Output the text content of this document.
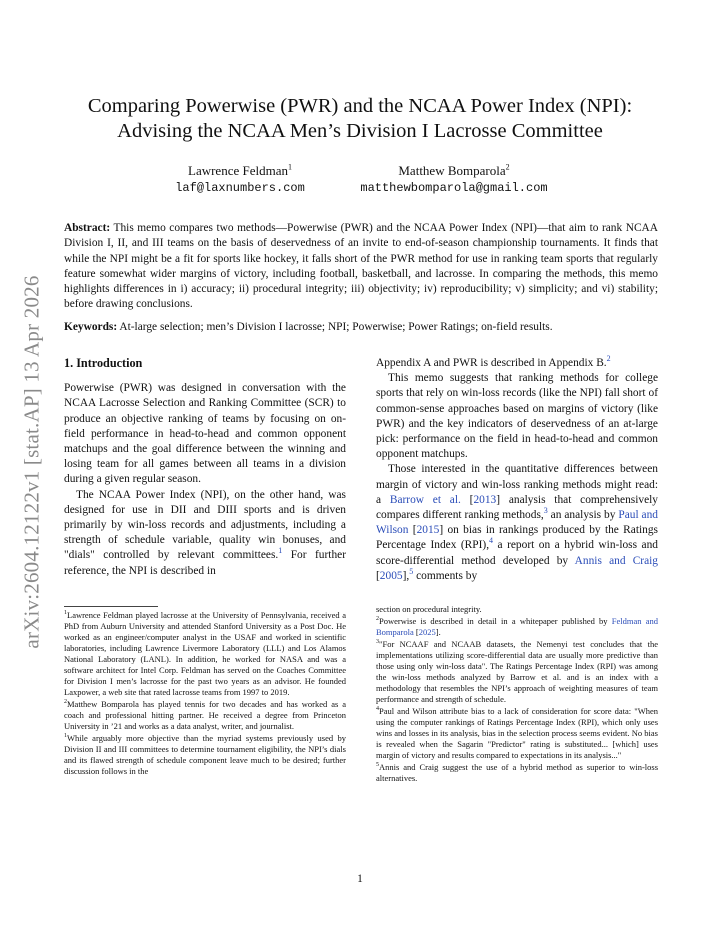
arXiv:2604.12122v1 [stat.AP] 13 Apr 2026
Comparing Powerwise (PWR) and the NCAA Power Index (NPI):
Advising the NCAA Men’s Division I Lacrosse Committee
Lawrence Feldman$^1$
laf@laxnumbers.com
Matthew Bomparola$^2$
matthewbomparola@gmail.com
Abstract: This memo compares two methods—Powerwise (PWR) and the NCAA Power Index (NPI)—that aim to rank NCAA Division I, II, and III teams on the basis of deservedness of an invite to end-of-season championship tournaments. It finds that while the NPI might be a fit for sports like hockey, it falls short of the PWR method for use in ranking team sports that regularly feature somewhat wider margins of victory, including football, basketball, and lacrosse. In comparing the methods, this memo highlights differences in i) accuracy; ii) procedural integrity; iii) objectivity; iv) reproducibility; v) simplicity; and vi) stability; before drawing conclusions.
Keywords: At-large selection; men’s Division I lacrosse; NPI; Powerwise; Power Ratings; on-field results.

1. Introduction

Powerwise (PWR) was designed in conversation with the NCAA Lacrosse Selection and Ranking Committee (SCR) to produce an objective ranking of teams by focusing on on-field performance in head-to-head and common opponent matchups and the goal difference between the winning and losing team for all games between all teams in a division during a given regular season.

The NCAA Power Index (NPI), on the other hand, was designed for use in DII and DIII sports and is driven primarily by win-loss records and adjustments, including a strength of schedule variable, quality win bonuses, and "dials" controlled by relevant committees.$^1$ For further reference, the NPI is described in

Appendix A and PWR is described in Appendix B.$^2$

This memo suggests that ranking methods for college sports that rely on win-loss records (like the NPI) fall short of common-sense approaches based on margins of victory (like PWR) and the key indicators of deservedness of an at-large pick: performance on the field in head-to-head and common opponent matchups.

Those interested in the quantitative differences between margin of victory and win-loss ranking methods might read: a Barrow et al. [2013] analysis that comprehensively compares different ranking methods,$^3$ an analysis by Paul and Wilson [2015] on bias in rankings produced by the Ratings Percentage Index (RPI),$^4$ a report on a hybrid win-loss and score-differential method developed by Annis and Craig [2005],$^5$ comments by

$^1$Lawrence Feldman played lacrosse at the University of Pennsylvania, received a PhD from Auburn University and attended Stanford University as a Post Doc. He worked as an engineer/computer analyst in the USAF and worked in scientific laboratories, including Lawrence Livermore Laboratory (LLL) and Los Alamos National Laboratory (LANL). In addition, he worked for NASA and was a software architect for Intel Corp. Feldman has served on the Coaches Committee for Division I men’s lacrosse for the past two years as an advisor. He founded Laxpower, a web site that rated lacrosse teams from 1997 to 2019.

$^2$Matthew Bomparola has played tennis for two decades and has worked as a coach and professional hitting partner. He received a degree from Princeton University in ’21 and works as a data analyst, writer, and journalist.

$^1$While arguably more objective than the myriad systems previously used by Division II and III committees to determine tournament eligibility, the NPI’s dials and its flawed strength of schedule component leave much to be desired; further discussion follows in the

section on procedural integrity.

$^2$Powerwise is described in detail in a whitepaper published by Feldman and Bomparola [2025].

$^3$"For NCAAF and NCAAB datasets, the Nemenyi test concludes that the implementations utilizing score-differential data are usually more predictive than those using only win-loss data". The Ratings Percentage Index (RPI) was among the win-loss methods analyzed by Barrow et al. and is an index with a methodology that resembles the NPI’s approach of weighting measures of team performance and strength of schedule.

$^4$Paul and Wilson attribute bias to a lack of consideration for score data: "When using the computer rankings of Ratings Percentage Index (RPI), which only uses wins and losses in its analysis, bias in the selection process seems evident. No bias is revealed when the Sagarin "Predictor" rating is substituted... [which] uses margin of victory and results compared to expectations in its analysis..."

$^5$Annis and Craig suggest the use of a hybrid method as superior to win-loss alternatives.

1
